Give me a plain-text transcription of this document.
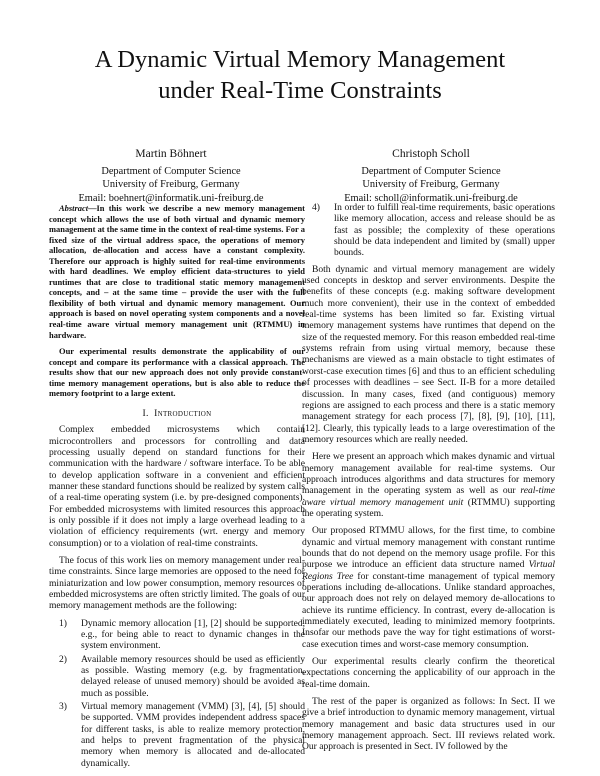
A Dynamic Virtual Memory Management
under Real-Time Constraints
Martin Böhnert
Department of Computer Science
University of Freiburg, Germany
Email: boehnert@informatik.uni-freiburg.de
Christoph Scholl
Department of Computer Science
University of Freiburg, Germany
Email: scholl@informatik.uni-freiburg.de

Abstract—In this work we describe a new memory management concept which allows the use of both virtual and dynamic memory management at the same time in the context of real-time systems. For a fixed size of the virtual address space, the operations of memory allocation, de-allocation and access have a constant complexity. Therefore our approach is highly suited for real-time environments with hard deadlines. We employ efficient data-structures to yield runtimes that are close to traditional static memory management concepts, and – at the same time – provide the user with the full flexibility of both virtual and dynamic memory management. Our approach is based on novel operating system components and a novel real-time aware virtual memory management unit (RTMMU) in hardware.

Our experimental results demonstrate the applicability of our concept and compare its performance with a classical approach. The results show that our new approach does not only provide constant-time memory management operations, but is also able to reduce the memory footprint to a large extent.

I. Introduction

Complex embedded microsystems which contain microcontrollers and processors for controlling and data processing usually depend on standard functions for their communication with the hardware / software interface. To be able to develop application software in a convenient and efficient manner these standard functions should be realized by system calls of a real-time operating system (i.e. by pre-designed components). For embedded microsystems with limited resources this approach is only possible if it does not imply a large overhead leading to a violation of efficiency requirements (wrt. energy and memory consumption) or to a violation of real-time constraints.

The focus of this work lies on memory management under real-time constraints. Since large memories are opposed to the need for miniaturization and low power consumption, memory resources of embedded microsystems are often strictly limited. The goals of our memory management methods are the following:

1) Dynamic memory allocation [1], [2] should be supported, e.g., for being able to react to dynamic changes in the system environment.
2) Available memory resources should be used as efficiently as possible. Wasting memory (e.g. by fragmentation, delayed release of unused memory) should be avoided as much as possible.
3) Virtual memory management (VMM) [3], [4], [5] should be supported. VMM provides independent address spaces for different tasks, is able to realize memory protection, and helps to prevent fragmentation of the physical memory when memory is allocated and de-allocated dynamically.
4) In order to fulfill real-time requirements, basic operations like memory allocation, access and release should be as fast as possible; the complexity of these operations should be data independent and limited by (small) upper bounds.

Both dynamic and virtual memory management are widely used concepts in desktop and server environments. Despite the benefits of these concepts (e.g. making software development much more convenient), their use in the context of embedded real-time systems has been limited so far. Existing virtual memory management systems have runtimes that depend on the size of the requested memory. For this reason embedded real-time systems refrain from using virtual memory, because these mechanisms are viewed as a main obstacle to tight estimates of worst-case execution times [6] and thus to an efficient scheduling of processes with deadlines – see Sect. II-B for a more detailed discussion. In many cases, fixed (and contiguous) memory regions are assigned to each process and there is a static memory management strategy for each process [7], [8], [9], [10], [11], [12]. Clearly, this typically leads to a large overestimation of the memory resources which are really needed.

Here we present an approach which makes dynamic and virtual memory management available for real-time systems. Our approach introduces algorithms and data structures for memory management in the operating system as well as our real-time aware virtual memory management unit (RTMMU) supporting the operating system.

Our proposed RTMMU allows, for the first time, to combine dynamic and virtual memory management with constant runtime bounds that do not depend on the memory usage profile. For this purpose we introduce an efficient data structure named Virtual Regions Tree for constant-time management of typical memory operations including de-allocations. Unlike standard approaches, our approach does not rely on delayed memory de-allocations to achieve its runtime efficiency. In contrast, every de-allocation is immediately executed, leading to minimized memory footprints. Insofar our methods pave the way for tight estimations of worst-case execution times and worst-case memory consumption.

Our experimental results clearly confirm the theoretical expectations concerning the applicability of our approach in the real-time domain.

The rest of the paper is organized as follows: In Sect. II we give a brief introduction to dynamic memory management, virtual memory management and basic data structures used in our memory management approach. Sect. III reviews related work. Our approach is presented in Sect. IV followed by the
